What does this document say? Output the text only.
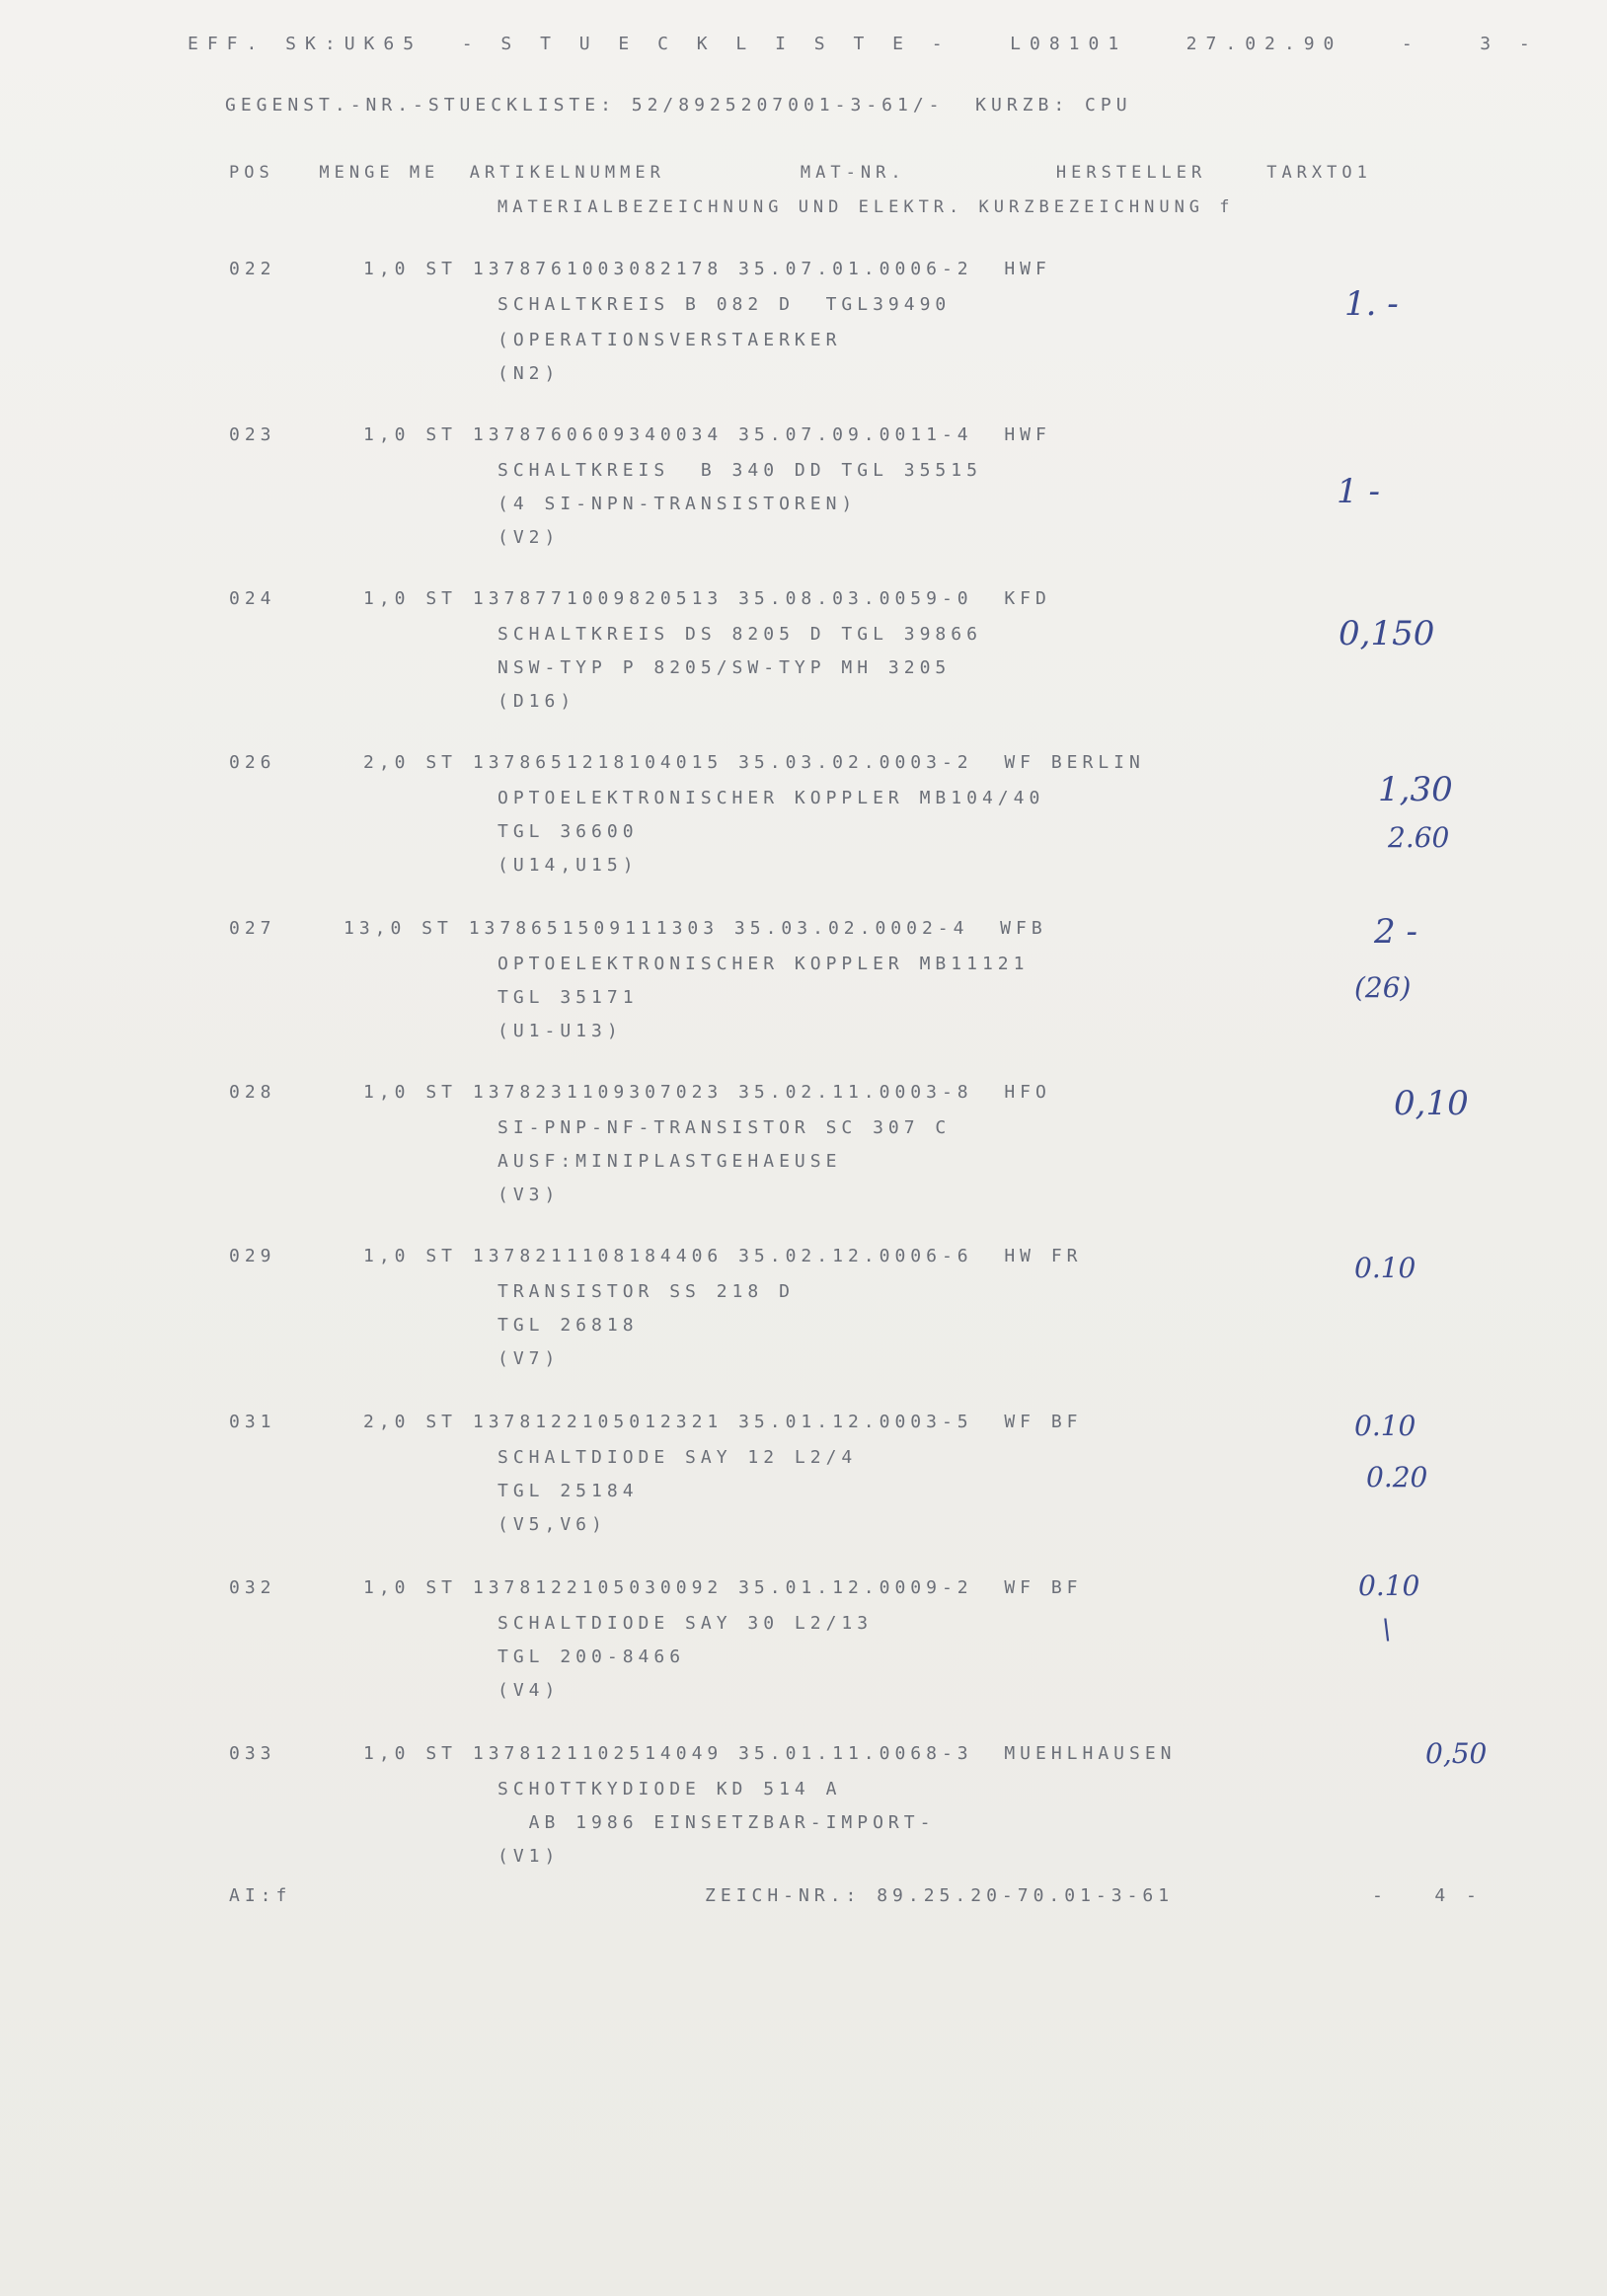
EFF. SK:UK65  - S T U E C K L I S T E -   L08101   27.02.90   -   3 -
GEGENST.-NR.-STUECKLISTE: 52/8925207001-3-61/-  KURZB: CPU
POS   MENGE ME  ARTIKELNUMMER         MAT-NR.          HERSTELLER    TARXTO1
MATERIALBEZEICHNUNG UND ELEKTR. KURZBEZEICHNUNG f
022	1,0 ST 1378761003082178 35.07.01.0006-2  HWF
SCHALTKREIS B 082 D  TGL39490
(OPERATIONSVERSTAERKER
(N2)
1. -
023	1,0 ST 1378760609340034 35.07.09.0011-4  HWF
SCHALTKREIS  B 340 DD TGL 35515
(4 SI-NPN-TRANSISTOREN)
(V2)
1 -
024	1,0 ST 1378771009820513 35.08.03.0059-0  KFD
SCHALTKREIS DS 8205 D TGL 39866
NSW-TYP P 8205/SW-TYP MH 3205
(D16)
0,150
026	2,0 ST 1378651218104015 35.03.02.0003-2  WF BERLIN
OPTOELEKTRONISCHER KOPPLER MB104/40
TGL 36600
(U14,U15)
1,30
2.60
027	13,0 ST 1378651509111303 35.03.02.0002-4  WFB
OPTOELEKTRONISCHER KOPPLER MB11121
TGL 35171
(U1-U13)
2 -
(26)
028	1,0 ST 1378231109307023 35.02.11.0003-8  HFO
SI-PNP-NF-TRANSISTOR SC 307 C
AUSF:MINIPLASTGEHAEUSE
(V3)
0,10
029	1,0 ST 1378211108184406 35.02.12.0006-6  HW FR
TRANSISTOR SS 218 D
TGL 26818
(V7)
0.10
031	2,0 ST 1378122105012321 35.01.12.0003-5  WF BF
SCHALTDIODE SAY 12 L2/4
TGL 25184
(V5,V6)
0.10
0.20
032	1,0 ST 1378122105030092 35.01.12.0009-2  WF BF
SCHALTDIODE SAY 30 L2/13
TGL 200-8466
(V4)
0.10
\
033	1,0 ST 1378121102514049 35.01.11.0068-3  MUEHLHAUSEN
SCHOTTKYDIODE KD 514 A
AB 1986 EINSETZBAR-IMPORT-
(V1)
0,50
AI:f	ZEICH-NR.: 89.25.20-70.01-3-61	-   4 -
